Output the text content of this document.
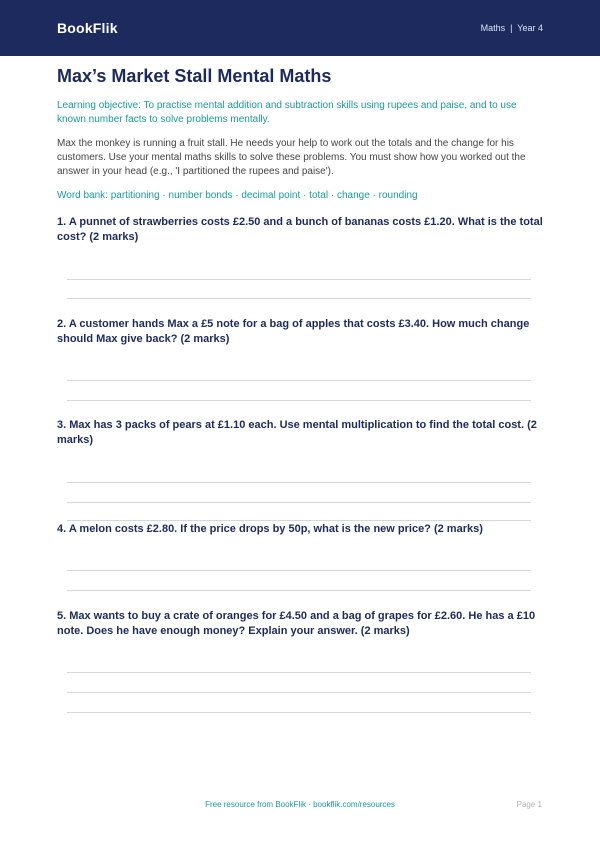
BookFlik	Maths  |  Year 4
Max’s Market Stall Mental Maths
Learning objective: To practise mental addition and subtraction skills using rupees and paise, and to use known number facts to solve problems mentally.
Max the monkey is running a fruit stall. He needs your help to work out the totals and the change for his customers. Use your mental maths skills to solve these problems. You must show how you worked out the answer in your head (e.g., 'I partitioned the rupees and paise').
Word bank: partitioning · number bonds · decimal point · total · change · rounding
1. A punnet of strawberries costs £2.50 and a bunch of bananas costs £1.20. What is the total cost? (2 marks)
2. A customer hands Max a £5 note for a bag of apples that costs £3.40. How much change should Max give back? (2 marks)
3. Max has 3 packs of pears at £1.10 each. Use mental multiplication to find the total cost. (2 marks)
4. A melon costs £2.80. If the price drops by 50p, what is the new price? (2 marks)
5. Max wants to buy a crate of oranges for £4.50 and a bag of grapes for £2.60. He has a £10 note. Does he have enough money? Explain your answer. (2 marks)
Free resource from BookFlik · bookflik.com/resources	Page 1
